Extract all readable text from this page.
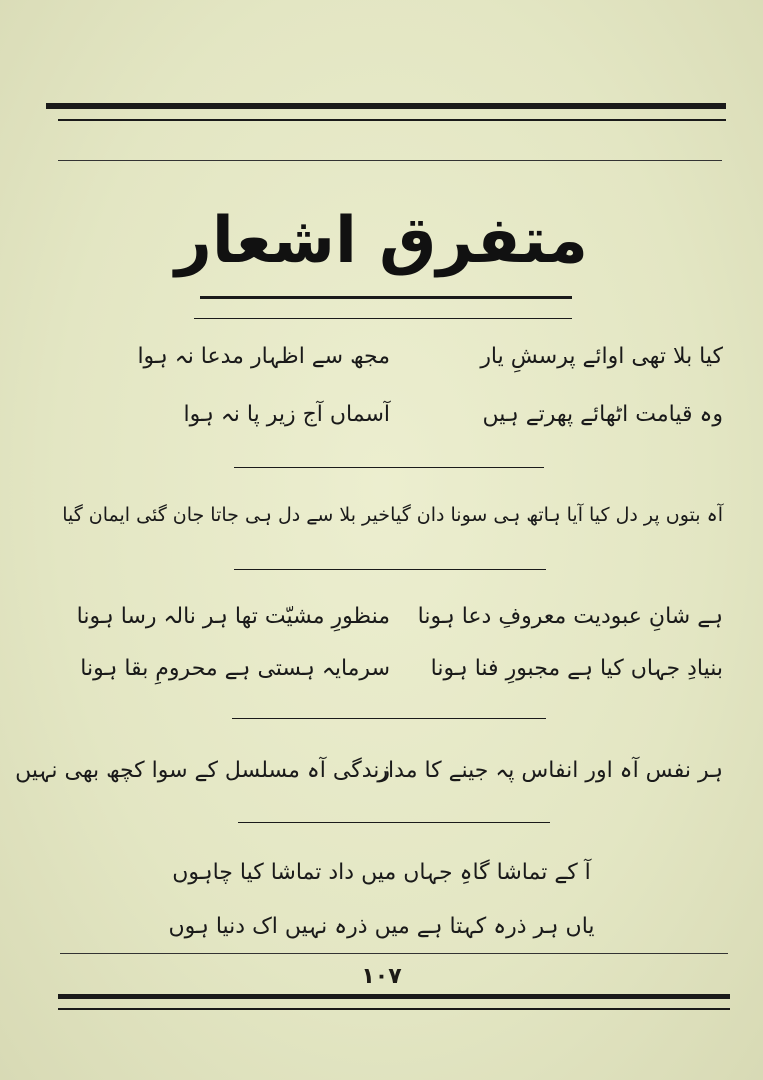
متفرق اشعار
کیا بلا تھی اوائے پرسشِ یار
مجھ سے اظہار مدعا نہ ہوا
وہ قیامت اٹھائے پھرتے ہیں
آسماں آج زیر پا نہ ہوا
آہ بتوں پر دل کیا آیا ہاتھ ہی سونا دان گیا
خیر بلا سے دل ہی جاتا جان گئی ایمان گیا
ہے شانِ عبودیت معروفِ دعا ہونا
منظورِ مشیّت تھا ہر نالہ رسا ہونا
بنیادِ جہاں کیا ہے مجبورِ فنا ہونا
سرمایہ ہستی ہے محرومِ بقا ہونا
ہر نفس آہ اور انفاس پہ جینے کا مدار
زندگی آہ مسلسل کے سوا کچھ بھی نہیں
آ کے تماشا گاہِ جہاں میں داد تماشا کیا چاہوں
یاں ہر ذرہ کہتا ہے میں ذرہ نہیں اک دنیا ہوں
١٠٧
